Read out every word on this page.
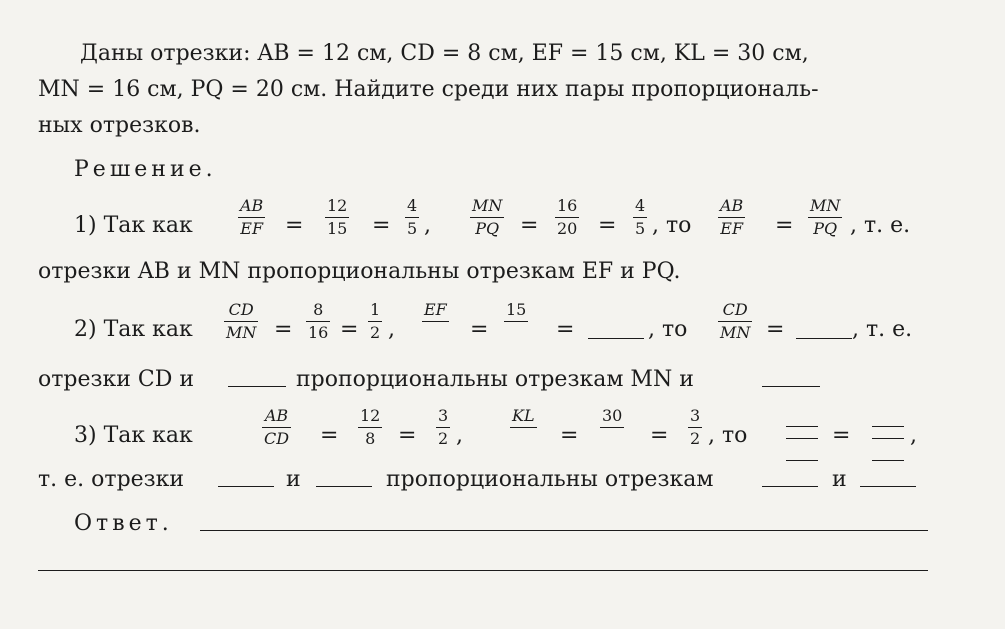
Даны отрезки: AB = 12 см, CD = 8 см, EF = 15 см, KL = 30 см,
MN = 16 см, PQ = 20 см. Найдите среди них пары пропорциональ-
ных отрезков.
Решение.
1) Так как
AB
EF =
12
15 =
4
5 ,
MN
PQ =
16
20 =
4
5 , то
AB
EF =
MN
PQ , т. е.
отрезки AB и MN пропорциональны отрезкам EF и PQ.
2) Так как
CD
MN =
8
16 =
1
2 ,
EF
=
15
=	, то
CD
MN =	, т. е.
отрезки CD и	пропорциональны отрезкам MN и
3) Так как
AB
CD =
12
8 =
3
2 ,
KL
=
30
=
3
2 , то	=	,
т. е. отрезки	и	пропорциональны отрезкам	и
Ответ.
